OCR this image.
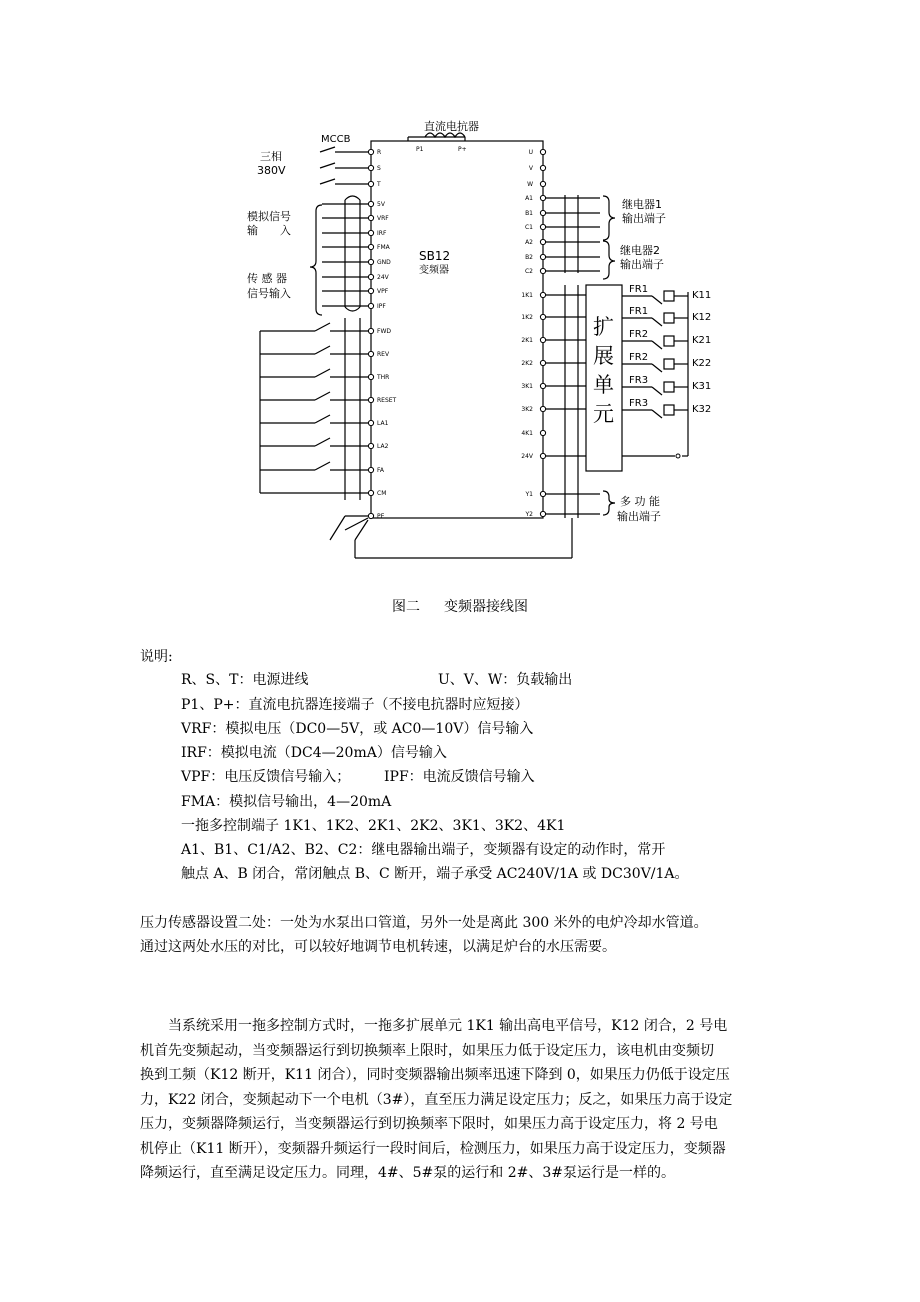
FR1
K11
FR1
K12
FR2
K21
FR2
K22
FR3
K31
FR3
K32
R
S
T
5V
VRF
IRF
FMA
GND
24V
VPF
IPF
FWD
REV
THR
RESET
LA1
LA2
FA
CM
PE
U
V
W
A1
B1
C1
A2
B2
C2
1K1
1K2
2K1
2K2
3K1
3K2
4K1
24V
Y1
Y2
直流电抗器
P1	P+
MCCB
三相
380V
模拟信号
输　　入
传 感 器
信号输入
SB12
变频器
继电器1
输出端子
继电器2
输出端子
多 功 能
输出端子
扩
展
单
元
图二 变频器接线图
说明:
R、S、T：电源进线	U、V、W：负载输出
P1、P+：直流电抗器连接端子（不接电抗器时应短接）
VRF：模拟电压（DC0—5V，或 AC0—10V）信号输入
IRF：模拟电流（DC4—20mA）信号输入
VPF：电压反馈信号输入； IPF：电流反馈信号输入
FMA：模拟信号输出，4—20mA
一拖多控制端子 1K1、1K2、2K1、2K2、3K1、3K2、4K1
A1、B1、C1/A2、B2、C2：继电器输出端子，变频器有设定的动作时，常开
触点 A、B 闭合，常闭触点 B、C 断开，端子承受 AC240V/1A 或 DC30V/1A。
压力传感器设置二处：一处为水泵出口管道，另外一处是离此 300 米外的电炉冷却水管道。
通过这两处水压的对比，可以较好地调节电机转速，以满足炉台的水压需要。
当系统采用一拖多控制方式时，一拖多扩展单元 1K1 输出高电平信号，K12 闭合，2 号电
机首先变频起动，当变频器运行到切换频率上限时，如果压力低于设定压力，该电机由变频切
换到工频（K12 断开，K11 闭合），同时变频器输出频率迅速下降到 0，如果压力仍低于设定压
力，K22 闭合，变频起动下一个电机（3#），直至压力满足设定压力；反之，如果压力高于设定
压力，变频器降频运行，当变频器运行到切换频率下限时，如果压力高于设定压力，将 2 号电
机停止（K11 断开），变频器升频运行一段时间后，检测压力，如果压力高于设定压力，变频器
降频运行，直至满足设定压力。同理，4#、5#泵的运行和 2#、3#泵运行是一样的。
